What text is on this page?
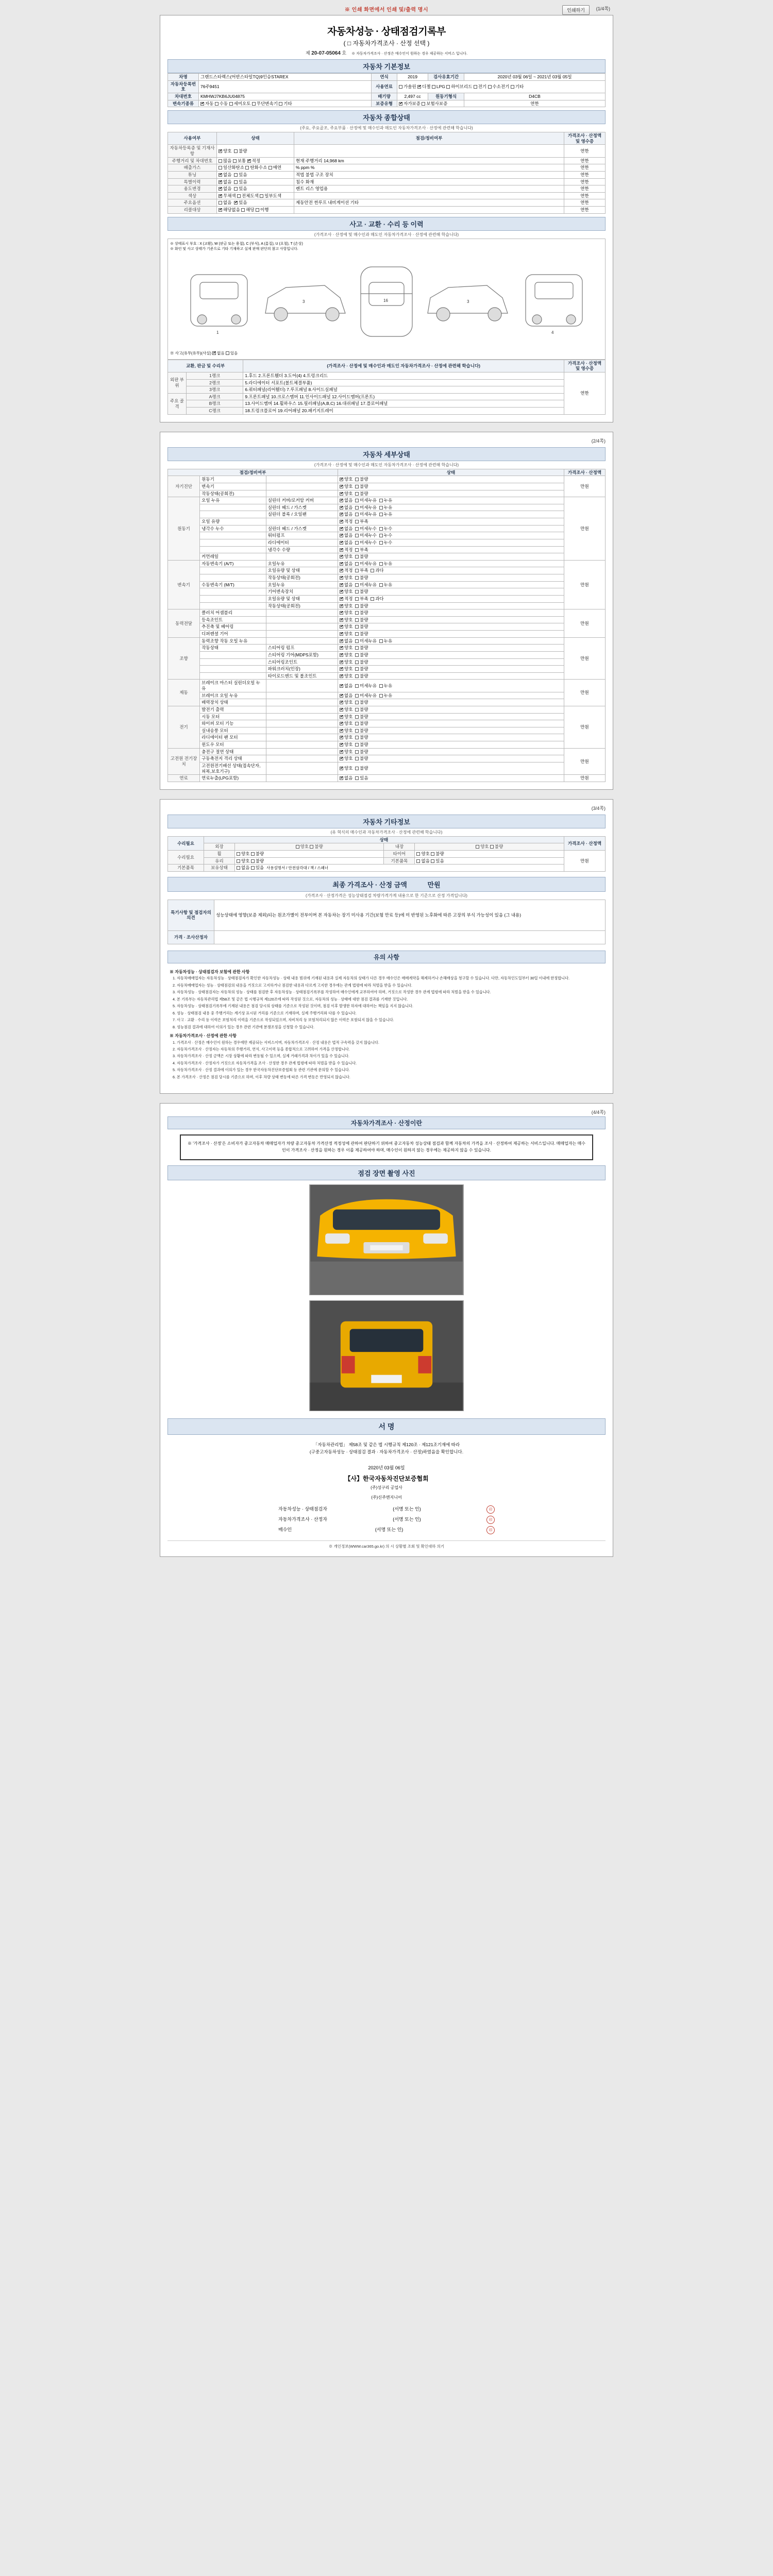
※ 인쇄 화면에서 인쇄 및/출력 명시	인쇄하기	(1/4쪽)
자동차성능 · 상태점검기록부
( □ 자동차가격조사 · 산정 선택 )
제 20-07-05064 호 ※ 자동차가격조사 · 산정은 매수인이 원하는 경우 제공하는 서비스 입니다.
자동차 기본정보
차명	그랜드스타렉스(어반스타일TQ)9인승STAREX	연식	2019	검사유효기간	2020년 03월 06일 ~ 2021년 03월 05일
자동차등록번호	76주9451	사용연료	가솔린 ✔ 디젤 LPG 하이브리드 전기 수소전기 기타
차대번호	KMHWJ7KB6JU04875	배기량	2,497 cc	원동기형식	D4CB
변속기종류	✔자동 수동 세미오토 무단변속기 기타	보증유형	✔자가보증 보험사보증		연한
자동차 종합상태
(주요, 주요골조, 주요부품 · 산정에 및 매수인과 매도인 자동차가격조사 · 산정에 관련해 학습니다)
사용여부	상태	점검/정비여부	가격조사 · 산정액 및 영수증
자동차등록증 및 기재사항	✔양호 불량		연한
주행거리 및 차대번호	많음 보통 ✔ 적정	현재 주행거리 14,968 km	연한
배출가스	일산화탄소 탄화수소 매연	% ppm %	연한
튜닝	✔없음 있음	적법 불법 구조 장치	연한
특별이력	✔없음 있음	침수 화재	연한
용도변경	✔없음 있음	렌트 리스 영업용	연한
색상	✔무채색 전체도색 일부도색		연한
주요옵션	없음 ✔ 있음	제동안전 썬루프 내비게이션 기타	연한
리콜대상	✔해당없음 해당 이행		연한
사고 · 교환 · 수리 등 이력
(가격조사 · 산정에 및 매수인과 매도인 자동차가격조사 · 산정에 관련해 학습니다)
※ 상태표시 부호 : X (교환), W (판금 또는 용접), C (부식), A (흠집), U (요철), T (손상)
※ 화인 및 사고 상태가 기준으로 기타 기재하고 실제 판매 판단의 참고 사항입니다.
16
3	3
1	4
※ 사고(유무(유무)(사실) ✔ 없음 있음
교환, 판금 및 수리부		(가격조사 · 산정에 및 매수인과 매도인 자동차가격조사 · 산정에 관련해 학습니다)	가격조사 · 산정액 및 영수증
외판 부위	1랭크	1.후드 2.프론트휀더 3.도어(4) 4.트렁크리드	연한
	2랭크	5.라디에이터 서포트(볼트체결부품)	
	3랭크	6.쿼터패널(리어휀더) 7.루프패널 8.사이드실패널	
주요 골격	A랭크	9.프론트패널 10.크로스멤버 11.인사이드패널 12.사이드멤버(프론트)	
	B랭크	13.사이드멤버 14.휠하우스 15.필러패널(A,B,C) 16.대쉬패널 17.플로어패널	
	C랭크	18.트렁크플로어 19.리어패널 20.패키지트레이	
(2/4쪽)
자동차 세부상태
(가격조사 · 산정에 및 매수인과 매도인 자동차가격조사 · 산정에 관련해 학습니다)
점검/정비여부			상태	가격조사 · 산정액
자기진단	원동기		✔양호 불량	만원
	변속기		✔양호 불량
	작동상태(공회전)		✔양호 불량
원동기	오일 누유	실린더 커버/로커암 커버	✔없음 미세누유 누유	만원
		실린더 헤드 / 가스켓	✔없음 미세누유 누유
		실린더 블록 / 오일팬	✔없음 미세누유 누유
	오일 유량		✔적정 부족
	냉각수 누수	실린더 헤드 / 가스켓	✔없음 미세누수 누수
		워터펌프	✔없음 미세누수 누수
		라디에이터	✔없음 미세누수 누수
		냉각수 수량	✔적정 부족
	커먼레일		✔양호 불량
변속기	자동변속기 (A/T)	오일누유	✔없음 미세누유 누유	만원
		오일유량 및 상태	✔적정 부족 과다
		작동상태(공회전)	✔양호 불량
	수동변속기 (M/T)	오일누유	✔없음 미세누유 누유
		기어변속장치	✔양호 불량
		오일유량 및 상태	✔적정 부족 과다
		작동상태(공회전)	✔양호 불량
동력전달	클러치 어셈블리		✔양호 불량	만원
	등속조인트		✔양호 불량
	추진축 및 베어링		✔양호 불량
	디퍼렌셜 기어		✔양호 불량
조향	동력조향 작동 오일 누유		✔없음 미세누유 누유	만원
	작동상태	스티어링 펌프	✔양호 불량
		스티어링 기어(MDPS포함)	✔양호 불량
		스티어링조인트	✔양호 불량
		파워크러치(인장)	✔양호 불량
		타이로드엔드 및 볼조인트	✔양호 불량
제동	브레이크 마스터 실린더오일 누유		✔없음 미세누유 누유	만원
	브레이크 오일 누유		✔없음 미세누유 누유
	배력장치 상태		✔양호 불량
전기	발전기 출력		✔양호 불량	만원
	시동 모터		✔양호 불량
	와이퍼 모터 기능		✔양호 불량
	실내송풍 모터		✔양호 불량
	라디에이터 팬 모터		✔양호 불량
	윈도우 모터		✔양호 불량
고전원 전기장치	충전구 절연 상태		✔양호 불량	만원
	구동축전지 격리 상태		✔양호 불량
	고전원전기배선 상태(접속단자,피복,보호기구)		✔양호 불량
연료	연료누출(LPG포함)		✔없음 있음	만원
(3/4쪽)
자동차 기타정보
(유 혁식의 매수인과 자동차가격조사 · 산정에 관련해 학습니다)
수리필요	상태				가격조사 · 산정액
	외장	양호 불량	내장	양호 불량	
수리필요	휠	양호 불량	타이어	양호 불량	만원
	유리	양호 불량	기본품목	없음 있음	
기본품목	보유상태	없음 있음 사용설명서 / 안전삼각대 / 잭 / 스패너			
최종 가격조사 · 산정 금액	만원
(가격조사 · 산정가격은 성능상태점검 차량가격가계 내용으로 한 기준으로 산정 가격입니다)
특기사항 및 점검자의 의견	성능상태에 영향(보증 제외)되는 원조가별이 전부이며 본 자동차는 장기 미사용 기간(보험 만료 등)에 미 반영된 노후화에 따른 고장의 부식 가능성이 있음 (그 내용)
가격 · 조사산정자	
유의 사항
※ 자동차성능 · 상태점검자 보험에 관한 사항
1. 자동차매매업자는 자동차성능 · 상태점검자가 확인한 자동차성능 · 상태 내용 범위에 기재된 내용과 실제 자동차의 상태가 다른 경우 매수인은 매매계약을 해제하거나 손해배상을 청구할 수 있습니다. 다만, 자동차인도일부터 30일 이내에 한정합니다.
2. 자동차매매업자는 성능 · 상태점검의 내용을 거짓으로 고지하거나 점검한 내용과 다르게 고지한 경우에는 관계 법령에 따라 처벌을 받을 수 있습니다.
3. 자동차성능 · 상태점검자는 자동차의 성능 · 상태를 점검한 후 자동차성능 · 상태점검기록부를 작성하여 매수인에게 교부하여야 하며, 거짓으로 작성한 경우 관계 법령에 따라 처벌을 받을 수 있습니다.
4. 본 기록부는 자동차관리법 제58조 및 같은 법 시행규칙 제120조에 따라 작성된 것으로, 자동차의 성능 · 상태에 대한 점검 결과를 기재한 것입니다.
5. 자동차성능 · 상태점검기록부에 기재된 내용은 점검 당시의 상태를 기준으로 작성된 것이며, 점검 이후 발생한 하자에 대하여는 책임을 지지 않습니다.
6. 성능 · 상태점검 내용 중 주행거리는 계기상 표시된 거리를 기준으로 기재하며, 실제 주행거리와 다를 수 있습니다.
7. 사고 · 교환 · 수리 등 이력은 보험처리 이력을 기준으로 작성되었으며, 자비처리 등 보험처리되지 않은 이력은 포함되지 않을 수 있습니다.
8. 성능점검 결과에 대하여 이의가 있는 경우 관련 기관에 분쟁조정을 신청할 수 있습니다.
※ 자동차가격조사 · 산정에 관한 사항
1. 가격조사 · 산정은 매수인이 원하는 경우에만 제공되는 서비스이며, 자동차가격조사 · 산정 내용은 법적 구속력을 갖지 않습니다.
2. 자동차가격조사 · 산정자는 자동차의 주행거리, 연식, 사고이력 등을 종합적으로 고려하여 가격을 산정합니다.
3. 자동차가격조사 · 산정 금액은 시장 상황에 따라 변동될 수 있으며, 실제 거래가격과 차이가 있을 수 있습니다.
4. 자동차가격조사 · 산정자가 거짓으로 자동차가격을 조사 · 산정한 경우 관계 법령에 따라 처벌을 받을 수 있습니다.
5. 자동차가격조사 · 산정 결과에 이의가 있는 경우 한국자동차진단보증협회 등 관련 기관에 문의할 수 있습니다.
6. 본 가격조사 · 산정은 점검 당시를 기준으로 하며, 이후 차량 상태 변동에 따른 가격 변동은 반영되지 않습니다.
(4/4쪽)
자동차가격조사 · 산정이란

※ '가격조사 · 산정'은 소비자가 중고자동차 매매업자가 차량 중고자동차 가격산정 적정성에 관하여 판단하기 위하여 중고자동차 성능상태 점검과 함께 자동차의 가격을 조사 · 산정하여 제공하는 서비스입니다. 매매업자는 매수인이 가격조사 · 산정을 원하는 경우 이를 제공하여야 하며, 매수인이 원하지 않는 경우에는 제공하지 않을 수 있습니다.

점검 장면 촬영 사진
서 명
「자동차관리법」 제58조 및 같은 법 시행규칙 제120조 · 제121조기재에 따라
(구중고자동차성능 · 상태점검 결과 · 자동차가격조사 · 산정)하였음을 확인합니다.
2020년 03월 06일
【사】한국자동차진단보증협회
(주)성구리 공업사
(주)신주엔지니어
자동차성능 · 상태점검자	(서명 또는 인)	印
자동차가격조사 · 산정자	(서명 또는 인)	印
매수인	(서명 또는 인)	印
※ 개인정보(WWW.car365.go.kr) 의 시 상황별 조회 및 확인대하 의기
